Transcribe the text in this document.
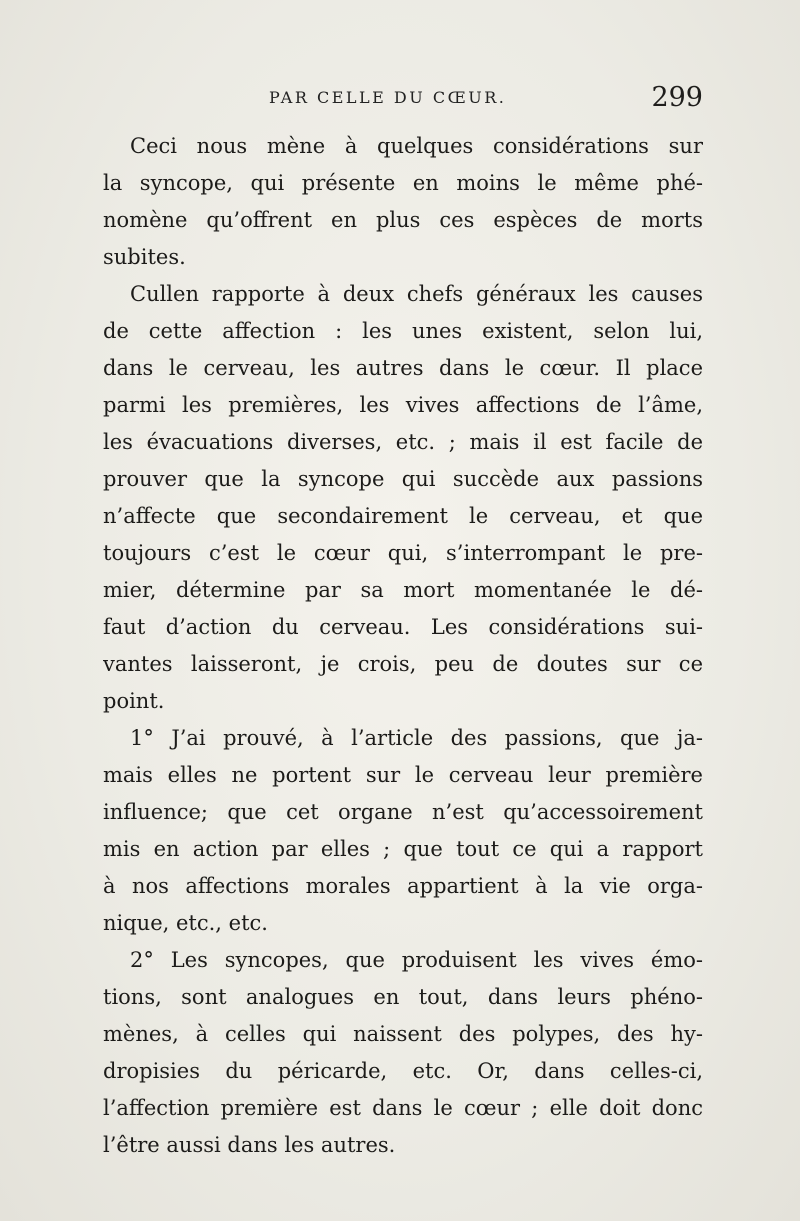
PAR CELLE DU CŒUR.	299
Ceci nous mène à quelques considérations sur
la syncope, qui présente en moins le même phé-
nomène qu’offrent en plus ces espèces de morts
subites.
Cullen rapporte à deux chefs généraux les causes
de cette affection : les unes existent, selon lui,
dans le cerveau, les autres dans le cœur. Il place
parmi les premières, les vives affections de l’âme,
les évacuations diverses, etc. ; mais il est facile de
prouver que la syncope qui succède aux passions
n’affecte que secondairement le cerveau, et que
toujours c’est le cœur qui, s’interrompant le pre-
mier, détermine par sa mort momentanée le dé-
faut d’action du cerveau. Les considérations sui-
vantes laisseront, je crois, peu de doutes sur ce
point.
1° J’ai prouvé, à l’article des passions, que ja-
mais elles ne portent sur le cerveau leur première
influence; que cet organe n’est qu’accessoirement
mis en action par elles ; que tout ce qui a rapport
à nos affections morales appartient à la vie orga-
nique, etc., etc.
2° Les syncopes, que produisent les vives émo-
tions, sont analogues en tout, dans leurs phéno-
mènes, à celles qui naissent des polypes, des hy-
dropisies du péricarde, etc. Or, dans celles-ci,
l’affection première est dans le cœur ; elle doit donc
l’être aussi dans les autres.
